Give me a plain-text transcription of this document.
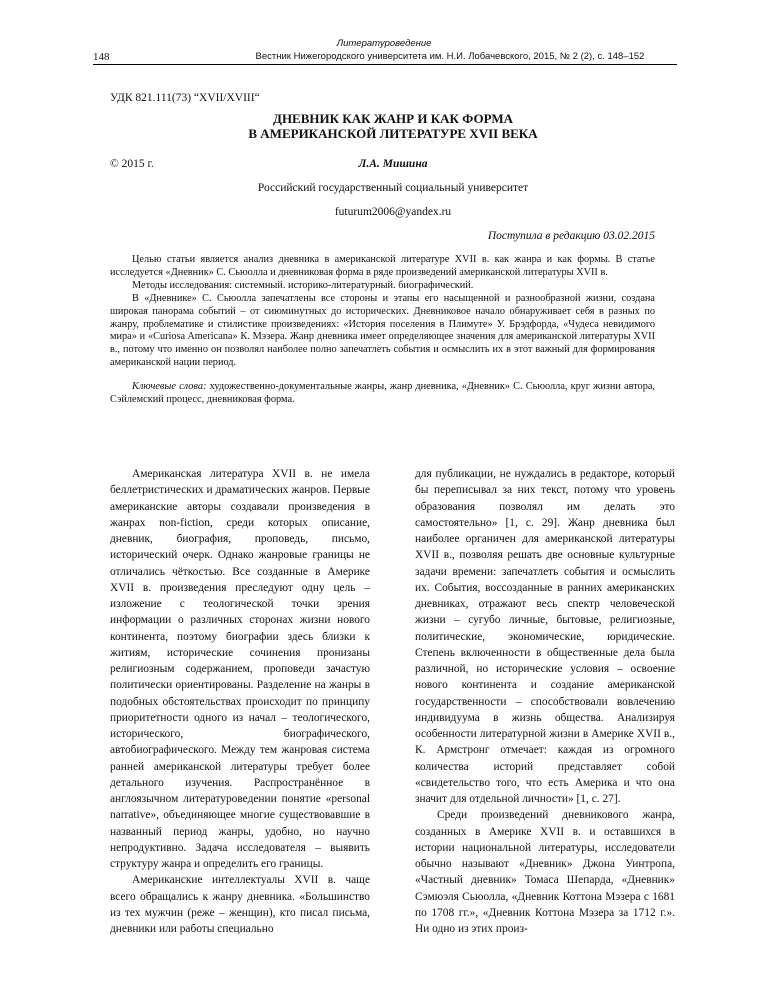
Литературоведение
148	Вестник Нижегородского университета им. Н.И. Лобачевского, 2015, № 2 (2), с. 148–152
УДК 821.111(73) “XVII/XVIII“
ДНЕВНИК КАК ЖАНР И КАК ФОРМА
В АМЕРИКАНСКОЙ ЛИТЕРАТУРЕ XVII ВЕКА
© 2015 г.	Л.А. Мишина
Российский государственный социальный университет
futurum2006@yandex.ru
Поступила в редакцию 03.02.2015

Целью статьи является анализ дневника в американской литературе XVII в. как жанра и как формы. В статье исследуется «Дневник» С. Сьюолла и дневниковая форма в ряде произведений американской литературы XVII в.

Методы исследования: системный. историко-литературный. биографический.

В «Дневнике» С. Сьюолла запечатлены все стороны и этапы его насыщенной и разнообразной жизни, создана широкая панорама событий – от сиюминутных до исторических. Дневниковое начало обнаруживает себя в разных по жанру, проблематике и стилистике произведениях: «История поселения в Плимуте» У. Брэдфорда, «Чудеса невидимого мира» и «Curiosa Americana» К. Мэзера. Жанр дневника имеет определяющее значения для американской литературы XVII в., потому что именно он позволял наиболее полно запечатлеть события и осмыслить их в этот важный для формирования американской нации период.

Ключевые слова: художественно-документальные жанры, жанр дневника, «Дневник» С. Сьюолла, круг жизни автора, Сэйлемский процесс, дневниковая форма.

Американская литература XVII в. не имела беллетристических и драматических жанров. Первые американские авторы создавали произведения в жанрах non-fiction, среди которых описание, дневник, биография, проповедь, письмо, исторический очерк. Однако жанровые границы не отличались чёткостью. Все созданные в Америке XVII в. произведения преследуют одну цель – изложение с теологической точки зрения информации о различных сторонах жизни нового континента, поэтому биографии здесь близки к житиям, исторические сочинения пронизаны религиозным содержанием, проповеди зачастую политически ориентированы. Разделение на жанры в подобных обстоятельствах происходит по принципу приоритетности одного из начал – теологического, исторического, биографического, автобиографического. Между тем жанровая система ранней американской литературы требует более детального изучения. Распространённое в англоязычном литературоведении понятие «personal narrative», объединяющее многие существовавшие в названный период жанры, удобно, но научно непродуктивно. Задача исследователя – выявить структуру жанра и определить его границы.

Американские интеллектуалы XVII в. чаще всего обращались к жанру дневника. «Большинство из тех мужчин (реже – женщин), кто писал письма, дневники или работы специально

для публикации, не нуждались в редакторе, который бы переписывал за них текст, потому что уровень образования позволял им делать это самостоятельно» [1, с. 29]. Жанр дневника был наиболее органичен для американской литературы XVII в., позволяя решать две основные культурные задачи времени: запечатлеть события и осмыслить их. События, воссозданные в ранних американских дневниках, отражают весь спектр человеческой жизни – сугубо личные, бытовые, религиозные, политические, экономические, юридические. Степень включенности в общественные дела была различной, но исторические условия – освоение нового континента и создание американской государственности – способствовали вовлечению индивидуума в жизнь общества. Анализируя особенности литературной жизни в Америке XVII в., К. Армстронг отмечает: каждая из огромного количества историй представляет собой «свидетельство того, что есть Америка и что она значит для отдельной личности» [1, с. 27].

Среди произведений дневникового жанра, созданных в Америке XVII в. и оставшихся в истории национальной литературы, исследователи обычно называют «Дневник» Джона Уинтропа, «Частный дневник» Томаса Шепарда, «Дневник» Сэмюэля Сьюолла, «Дневник Коттона Мэзера с 1681 по 1708 гг.», «Дневник Коттона Мэзера за 1712 г.». Ни одно из этих произ-
